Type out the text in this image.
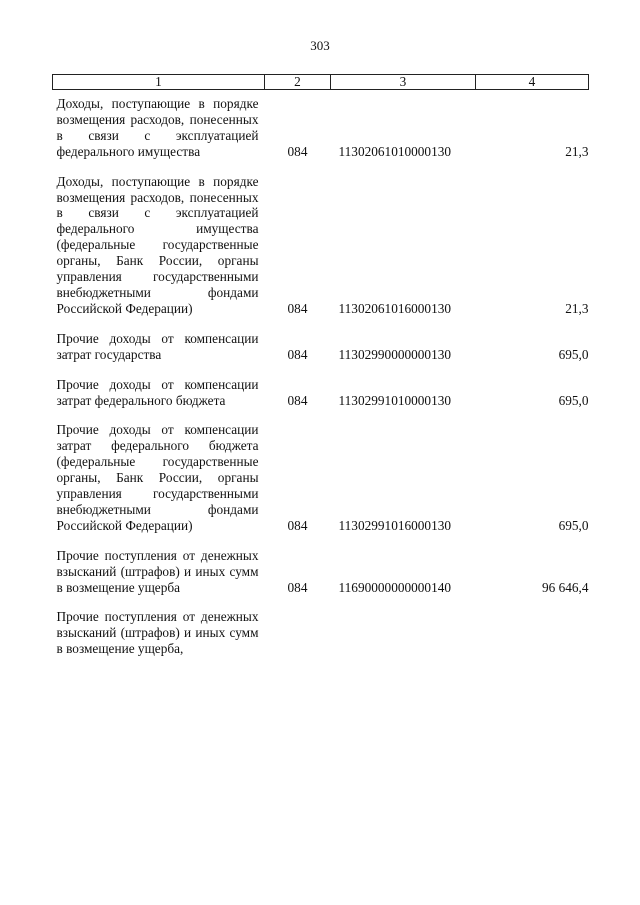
303
1	2	3	4
Доходы, поступающие в порядке возмещения расходов, понесенных в связи с эксплуатацией федерального имущества	084	11302061010000130	21,3
Доходы, поступающие в порядке возмещения расходов, понесенных в связи с эксплуатацией федерального имущества (федеральные государственные органы, Банк России, органы управления государственными внебюджетными фондами Российской Федерации)	084	11302061016000130	21,3
Прочие доходы от компенсации затрат государства	084	11302990000000130	695,0
Прочие доходы от компенсации затрат федерального бюджета	084	11302991010000130	695,0
Прочие доходы от компенсации затрат федерального бюджета (федеральные государственные органы, Банк России, органы управления государственными внебюджетными фондами Российской Федерации)	084	11302991016000130	695,0
Прочие поступления от денежных взысканий (штрафов) и иных сумм в возмещение ущерба	084	11690000000000140	96 646,4
Прочие поступления от денежных взысканий (штрафов) и иных сумм в возмещение ущерба,			
